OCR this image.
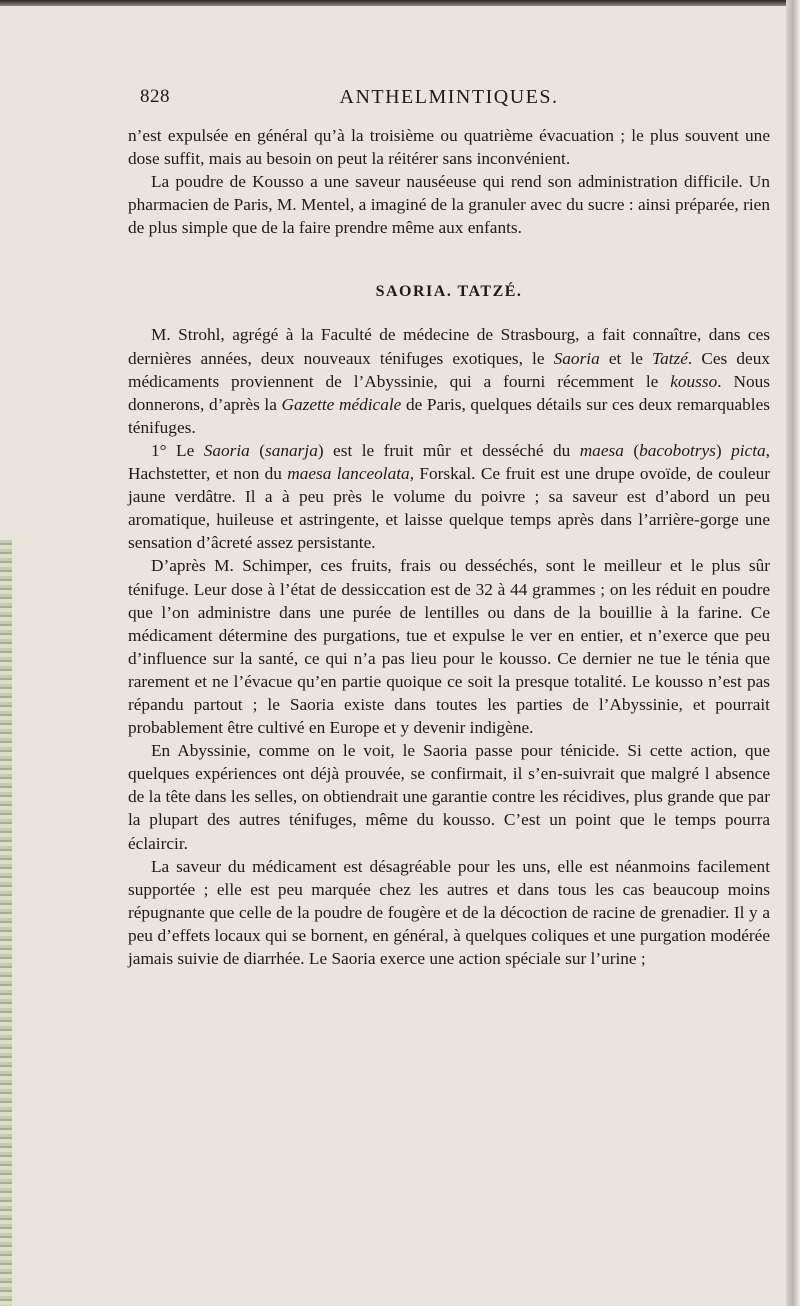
828	ANTHELMINTIQUES.

n’est expulsée en général qu’à la troisième ou quatrième évacuation ; le plus souvent une dose suffit, mais au besoin on peut la réitérer sans inconvénient.

La poudre de Kousso a une saveur nauséeuse qui rend son administration difficile. Un pharmacien de Paris, M. Mentel, a imaginé de la granuler avec du sucre : ainsi préparée, rien de plus simple que de la faire prendre même aux enfants.

SAORIA. TATZÉ.

M. Strohl, agrégé à la Faculté de médecine de Strasbourg, a fait connaître, dans ces dernières années, deux nouveaux ténifuges exotiques, le Saoria et le Tatzé. Ces deux médicaments proviennent de l’Abyssinie, qui a fourni récemment le kousso. Nous donnerons, d’après la Gazette médicale de Paris, quelques détails sur ces deux remarquables ténifuges.

1° Le Saoria (sanarja) est le fruit mûr et desséché du maesa (bacobotrys) picta, Hachstetter, et non du maesa lanceolata, Forskal. Ce fruit est une drupe ovoïde, de couleur jaune verdâtre. Il a à peu près le volume du poivre ; sa saveur est d’abord un peu aromatique, huileuse et astringente, et laisse quelque temps après dans l’arrière-gorge une sensation d’âcreté assez persistante.

D’après M. Schimper, ces fruits, frais ou desséchés, sont le meilleur et le plus sûr ténifuge. Leur dose à l’état de dessiccation est de 32 à 44 grammes ; on les réduit en poudre que l’on administre dans une purée de lentilles ou dans de la bouillie à la farine. Ce médicament détermine des purgations, tue et expulse le ver en entier, et n’exerce que peu d’influence sur la santé, ce qui n’a pas lieu pour le kousso. Ce dernier ne tue le ténia que rarement et ne l’évacue qu’en partie quoique ce soit la presque totalité. Le kousso n’est pas répandu partout ; le Saoria existe dans toutes les parties de l’Abyssinie, et pourrait probablement être cultivé en Europe et y devenir indigène.

En Abyssinie, comme on le voit, le Saoria passe pour ténicide. Si cette action, que quelques expériences ont déjà prouvée, se confirmait, il s’en-suivrait que malgré l absence de la tête dans les selles, on obtiendrait une garantie contre les récidives, plus grande que par la plupart des autres ténifuges, même du kousso. C’est un point que le temps pourra éclaircir.

La saveur du médicament est désagréable pour les uns, elle est néanmoins facilement supportée ; elle est peu marquée chez les autres et dans tous les cas beaucoup moins répugnante que celle de la poudre de fougère et de la décoction de racine de grenadier. Il y a peu d’effets locaux qui se bornent, en général, à quelques coliques et une purgation modérée jamais suivie de diarrhée. Le Saoria exerce une action spéciale sur l’urine ;
